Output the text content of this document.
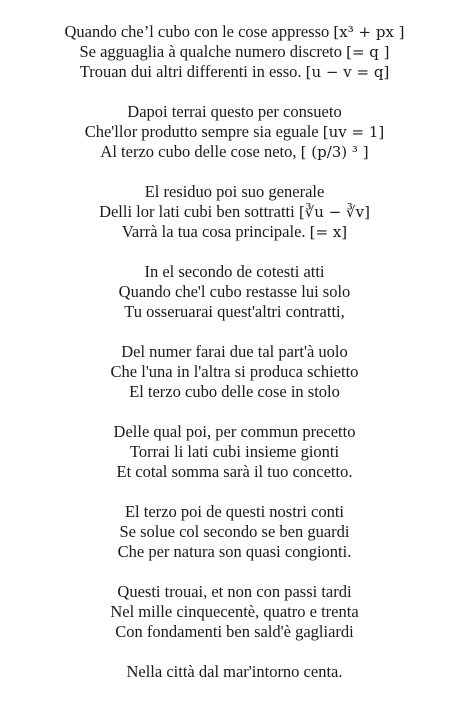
Quando che’l cubo con le cose appresso [x³ + px ]
Se agguaglia à qualche numero discreto [= q ]
Trouan dui altri differenti in esso. [u − v = q]
Dapoi terrai questo per consueto
Che'llor produtto sempre sia eguale [uv = 1]
Al terzo cubo delle cose neto, [ (p/3) ³ ]
El residuo poi suo generale
Delli lor lati cubi ben sottratti [∛u − ∛v]
Varrà la tua cosa principale. [= x]
In el secondo de cotesti atti
Quando che'l cubo restasse lui solo
Tu osseruarai quest'altri contratti,
Del numer farai due tal part'à uolo
Che l'una in l'altra si produca schietto
El terzo cubo delle cose in stolo
Delle qual poi, per commun precetto
Torrai li lati cubi insieme gionti
Et cotal somma sarà il tuo concetto.
El terzo poi de questi nostri conti
Se solue col secondo se ben guardi
Che per natura son quasi congionti.
Questi trouai, et non con passi tardi
Nel mille cinquecentè, quatro e trenta
Con fondamenti ben sald'è gagliardi
Nella città dal mar'intorno centa.
